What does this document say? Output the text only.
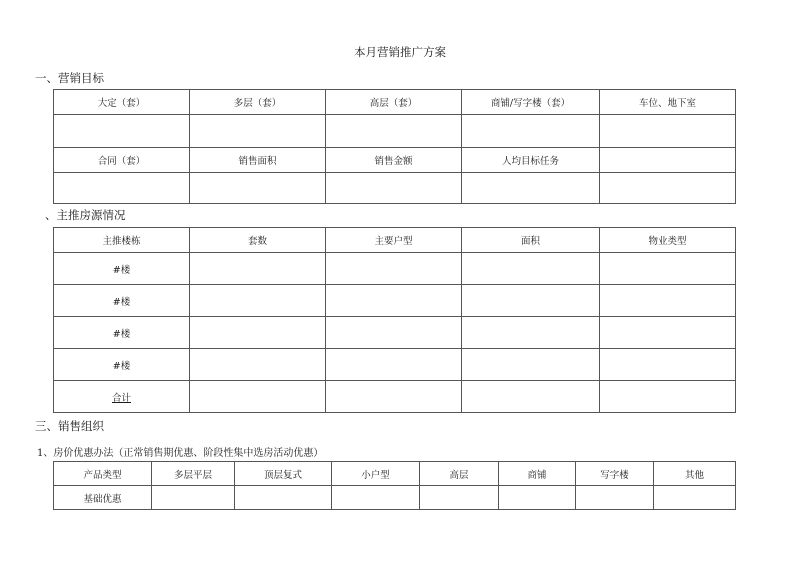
本月营销推广方案
一、营销目标
大定（套）	多层（套）	高层（套）	商铺/写字楼（套）	车位、地下室

合同（套）	销售面积	销售金额	人均目标任务	

、主推房源情况
主推楼栋	套数	主要户型	面积	物业类型
#楼				
#楼				
#楼				
#楼				
合计				
三、销售组织
1、房价优惠办法（正常销售期优惠、阶段性集中选房活动优惠）
产品类型	多层平层	顶层复式	小户型	高层	商铺	写字楼	其他
基础优惠							
